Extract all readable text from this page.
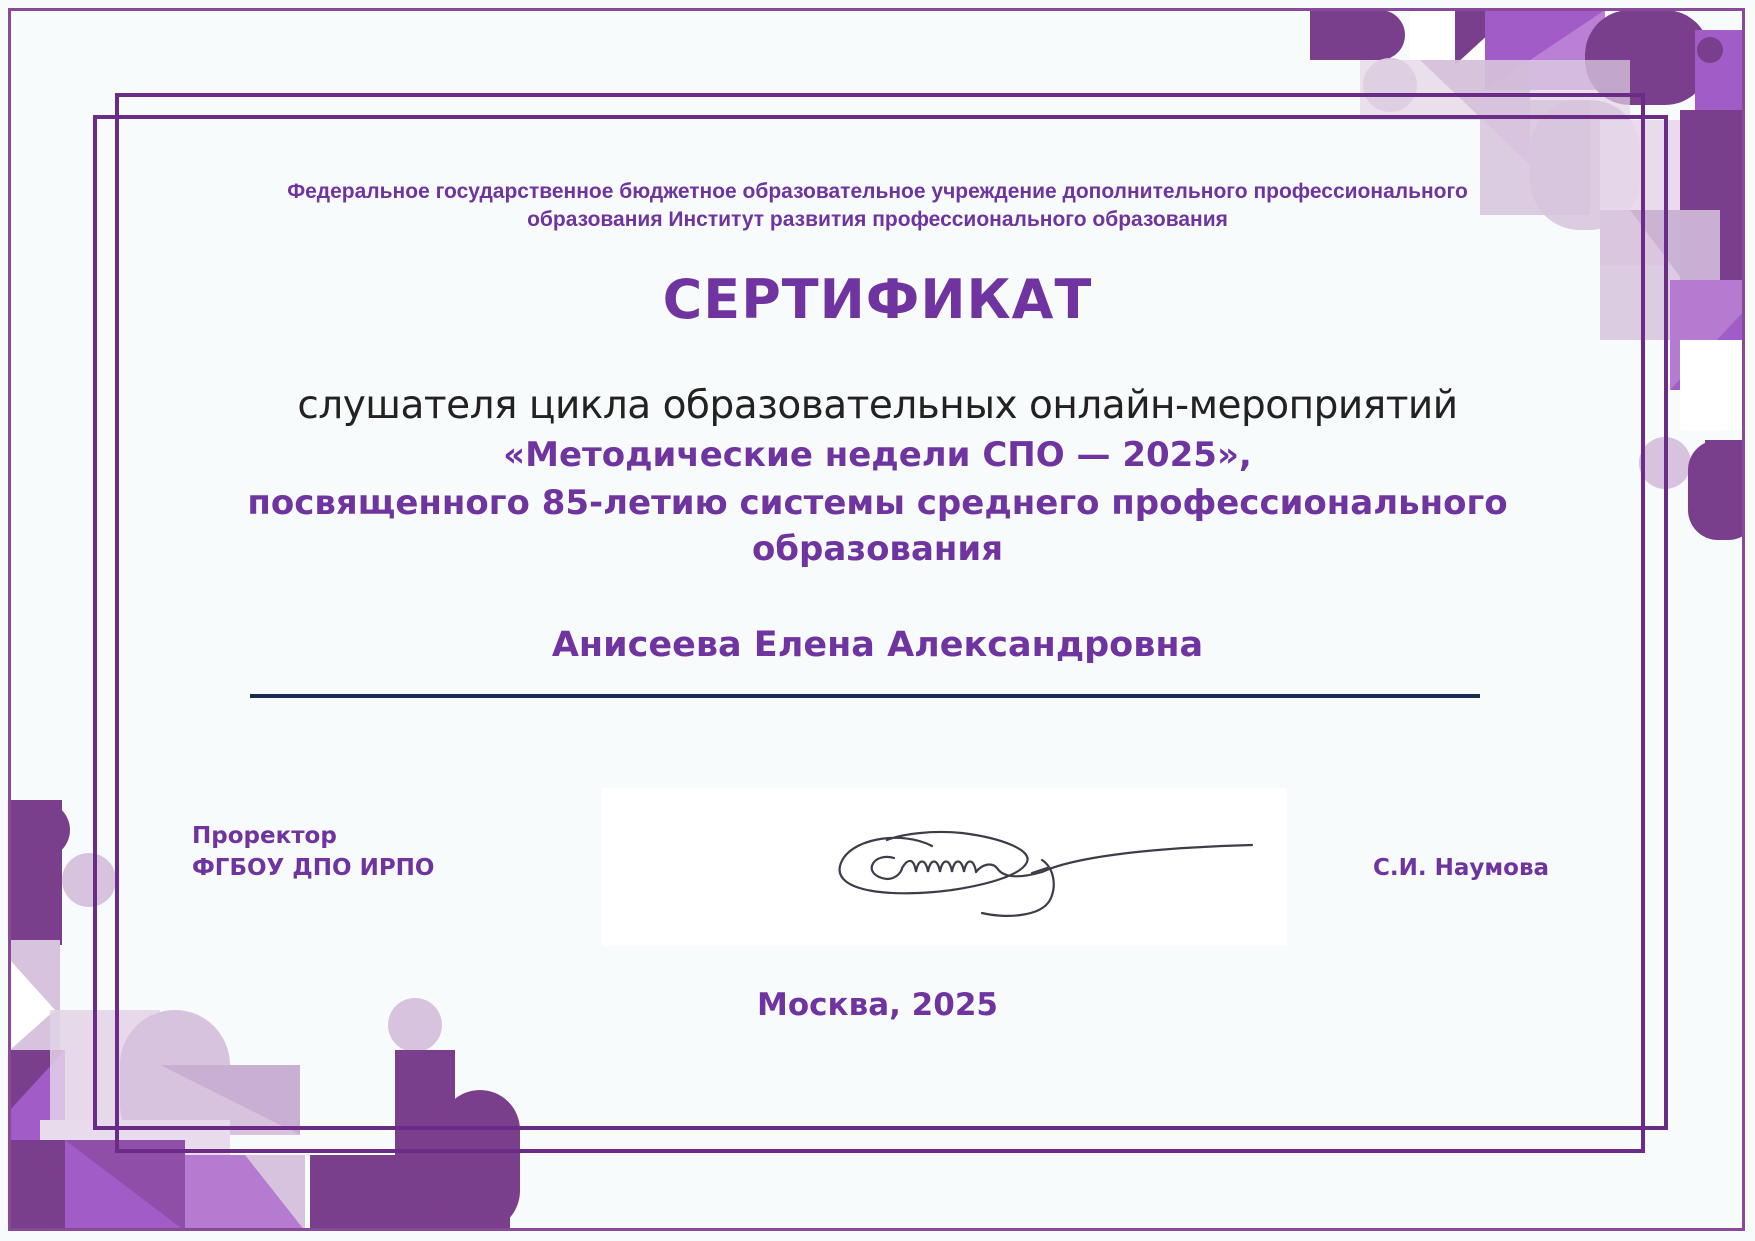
Федеральное государственное бюджетное образовательное учреждение дополнительного профессионального
образования Институт развития профессионального образования
СЕРТИФИКАТ

слушателя цикла образовательных онлайн-мероприятий

«Методические недели СПО — 2025»,

посвященного 85-летию системы среднего профессионального образования

Анисеева Елена Александровна

Проректор
ФГБОУ ДПО ИРПО	С.И. Наумова

Москва, 2025
